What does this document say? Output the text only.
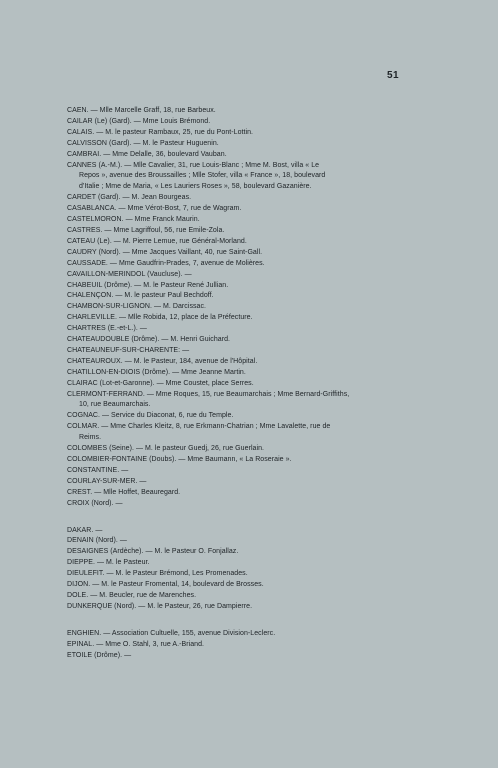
51
CAEN. — Mlle Marcelle Graff, 18, rue Barbeux.
CAILAR (Le) (Gard). — Mme Louis Brémond.
CALAIS. — M. le pasteur Rambaux, 25, rue du Pont-Lottin.
CALVISSON (Gard). — M. le Pasteur Huguenin.
CAMBRAI. — Mme Delalle, 36, boulevard Vauban.
CANNES (A.-M.). — Mlle Cavalier, 31, rue Louis-Blanc ; Mme M. Bost, villa « Le
Repos », avenue des Broussailles ; Mlle Stofer, villa « France », 18, boulevard
d'Italie ; Mme de Maria, « Les Lauriers Roses », 58, boulevard Gazanière.
CARDET (Gard). — M. Jean Bourgeas.
CASABLANCA. — Mme Vérot-Bost, 7, rue de Wagram.
CASTELMORON. — Mme Franck Maurin.
CASTRES. — Mme Lagriffoul, 56, rue Emile-Zola.
CATEAU (Le). — M. Pierre Lemue, rue Général-Morland.
CAUDRY (Nord). — Mme Jacques Vaillant, 40, rue Saint-Gall.
CAUSSADE. — Mme Gaudfrin-Prades, 7, avenue de Molières.
CAVAILLON-MERINDOL (Vaucluse). —
CHABEUIL (Drôme). — M. le Pasteur René Jullian.
CHALENÇON. — M. le pasteur Paul Bechdoff.
CHAMBON-SUR-LIGNON. — M. Darcissac.
CHARLEVILLE. — Mlle Robida, 12, place de la Préfecture.
CHARTRES (E.-et-L.). —
CHATEAUDOUBLE (Drôme). — M. Henri Guichard.
CHATEAUNEUF-SUR-CHARENTE: —
CHATEAUROUX. — M. le Pasteur, 184, avenue de l'Hôpital.
CHATILLON-EN-DIOIS (Drôme). — Mme Jeanne Martin.
CLAIRAC (Lot-et-Garonne). — Mme Coustet, place Serres.
CLERMONT-FERRAND. — Mme Roques, 15, rue Beaumarchais ; Mme Bernard-Griffiths,
10, rue Beaumarchais.
COGNAC. — Service du Diaconat, 6, rue du Temple.
COLMAR. — Mme Charles Kleitz, 8, rue Erkmann-Chatrian ; Mme Lavalette, rue de
Reims.
COLOMBES (Seine). — M. le pasteur Guedj, 26, rue Guerlain.
COLOMBIER-FONTAINE (Doubs). — Mme Baumann, « La Roseraie ».
CONSTANTINE. —
COURLAY-SUR-MER. —
CREST. — Mlle Hoffet, Beauregard.
CROIX (Nord). —
DAKAR. —
DENAIN (Nord). —
DESAIGNES (Ardèche). — M. le Pasteur O. Fonjallaz.
DIEPPE. — M. le Pasteur.
DIEULEFIT. — M. le Pasteur Brémond, Les Promenades.
DIJON. — M. le Pasteur Fromental, 14, boulevard de Brosses.
DOLE. — M. Beucler, rue de Marenches.
DUNKERQUE (Nord). — M. le Pasteur, 26, rue Dampierre.
ENGHIEN. — Association Cultuelle, 155, avenue Division-Leclerc.
EPINAL. — Mme O. Stahl, 3, rue A.-Briand.
ETOILE (Drôme). —
